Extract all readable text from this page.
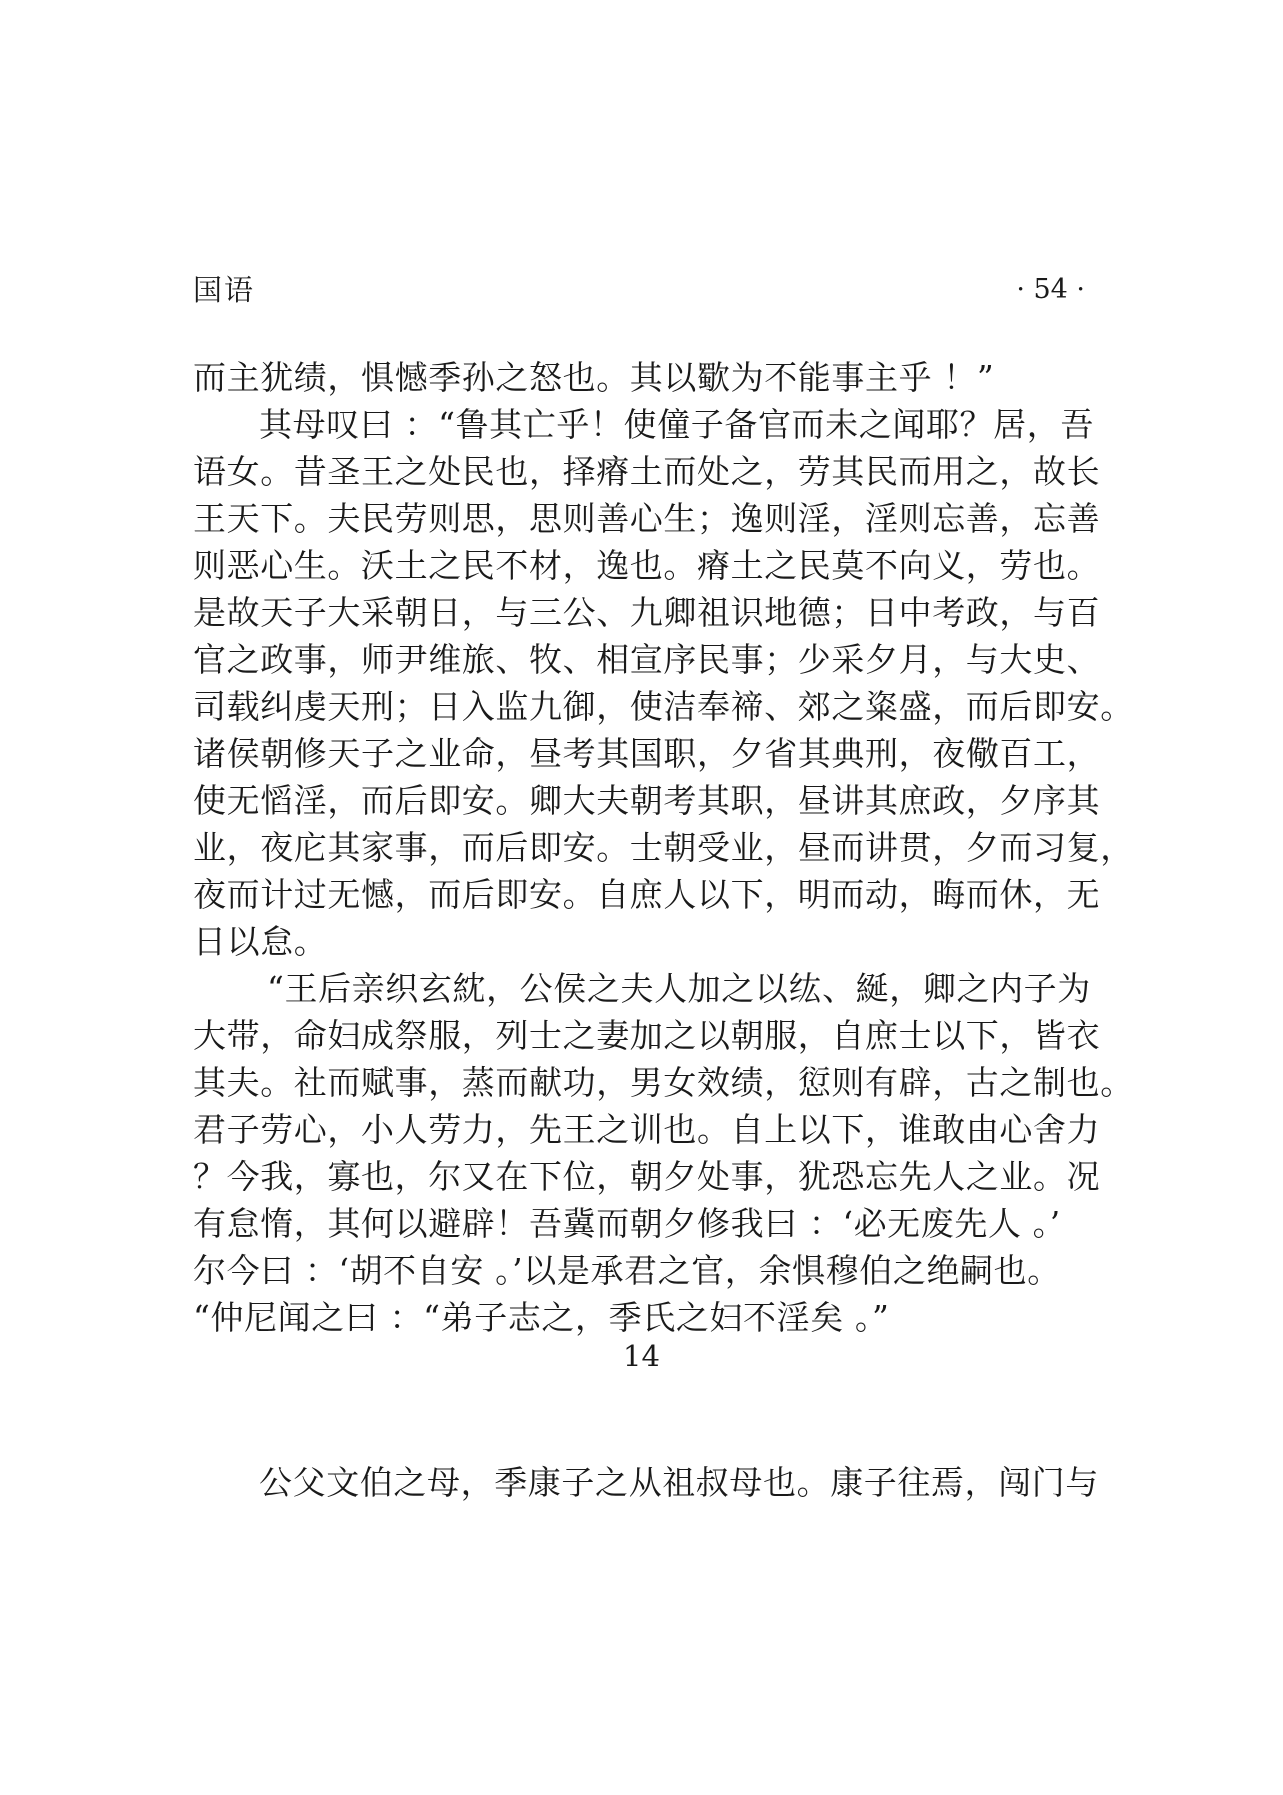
国语	· 54 ·
而主犹绩，惧憾季孙之怒也。其以歜为不能事主乎 ！”
其母叹曰 ：“鲁其亡乎！使僮子备官而未之闻耶？居，吾
语女。昔圣王之处民也，择瘠土而处之，劳其民而用之，故长
王天下。夫民劳则思，思则善心生；逸则淫，淫则忘善，忘善
则恶心生。沃土之民不材，逸也。瘠土之民莫不向义，劳也。
是故天子大采朝日，与三公、九卿祖识地德；日中考政，与百
官之政事，师尹维旅、牧、相宣序民事；少采夕月，与大史、
司载纠虔天刑；日入监九御，使洁奉禘、郊之粢盛，而后即安。
诸侯朝修天子之业命，昼考其国职，夕省其典刑，夜儆百工，
使无慆淫，而后即安。卿大夫朝考其职，昼讲其庶政，夕序其
业，夜庀其家事，而后即安。士朝受业，昼而讲贯，夕而习复，
夜而计过无憾，而后即安。自庶人以下，明而动，晦而休，无
日以怠。
“王后亲织玄紞，公侯之夫人加之以纮、綖，卿之内子为
大带，命妇成祭服，列士之妻加之以朝服，自庶士以下，皆衣
其夫。社而赋事，蒸而献功，男女效绩，愆则有辟，古之制也。
君子劳心，小人劳力，先王之训也。自上以下，谁敢由心舍力
？今我，寡也，尔又在下位，朝夕处事，犹恐忘先人之业。况
有怠惰，其何以避辟！吾冀而朝夕修我曰 ：‘必无废先人 。’
尔今曰 ：‘胡不自安 。’以是承君之官，余惧穆伯之绝嗣也。
“仲尼闻之曰 ：“弟子志之，季氏之妇不淫矣 。”
14
公父文伯之母，季康子之从祖叔母也。康子往焉，闯门与
